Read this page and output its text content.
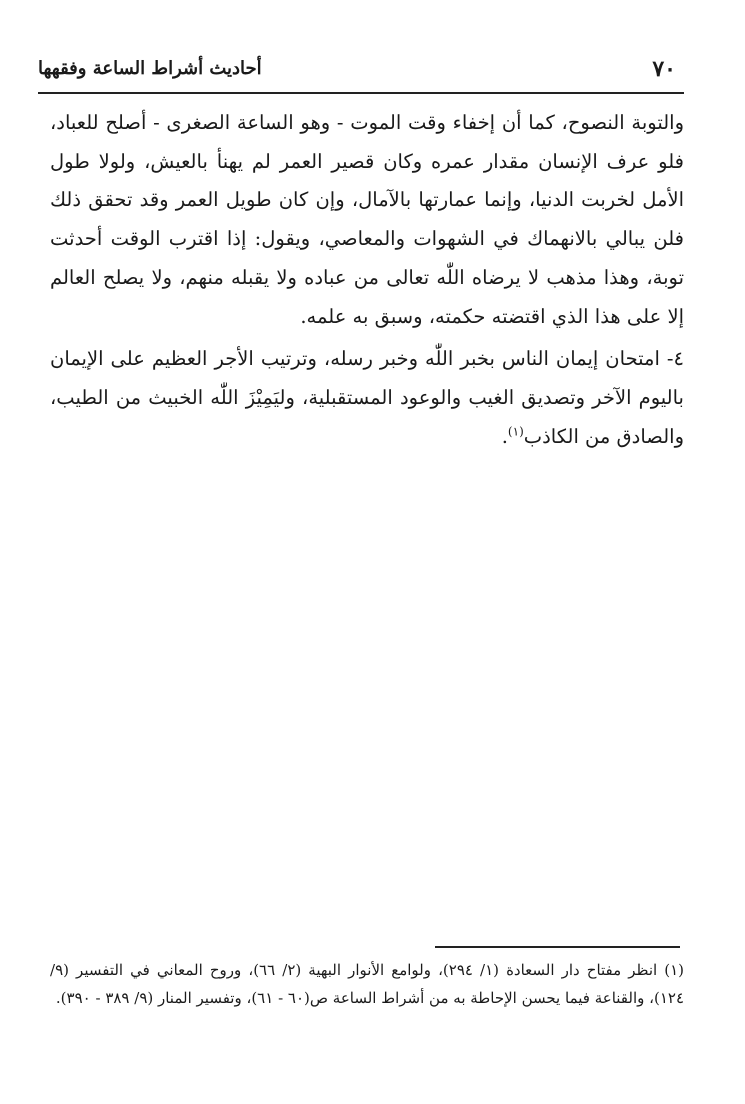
٧٠
أحاديث أشراط الساعة وفقهها

والتوبة النصوح، كما أن إخفاء وقت الموت - وهو الساعة الصغرى - أصلح للعباد، فلو عرف الإنسان مقدار عمره وكان قصير العمر لم يهنأ بالعيش، ولولا طول الأمل لخربت الدنيا، وإنما عمارتها بالآمال، وإن كان طويل العمر وقد تحقق ذلك فلن يبالي بالانهماك في الشهوات والمعاصي، ويقول: إذا اقترب الوقت أحدثت توبة، وهذا مذهب لا يرضاه اللّٰه تعالى من عباده ولا يقبله منهم، ولا يصلح العالم إلا على هذا الذي اقتضته حكمته، وسبق به علمه.

٤- امتحان إيمان الناس بخبر اللّٰه وخبر رسله، وترتيب الأجر العظيم على الإيمان باليوم الآخر وتصديق الغيب والوعود المستقبلية، وليَمِيْزَ اللّٰه الخبيث من الطيب، والصادق من الكاذب$^{(١)}$.

(١) انظر مفتاح دار السعادة (١/ ٢٩٤)، ولوامع الأنوار البهية (٢/ ٦٦)، وروح المعاني في التفسير (٩/ ١٢٤)، والقناعة فيما يحسن الإحاطة به من أشراط الساعة ص(٦٠ - ٦١)، وتفسير المنار (٩/ ٣٨٩ - ٣٩٠).
